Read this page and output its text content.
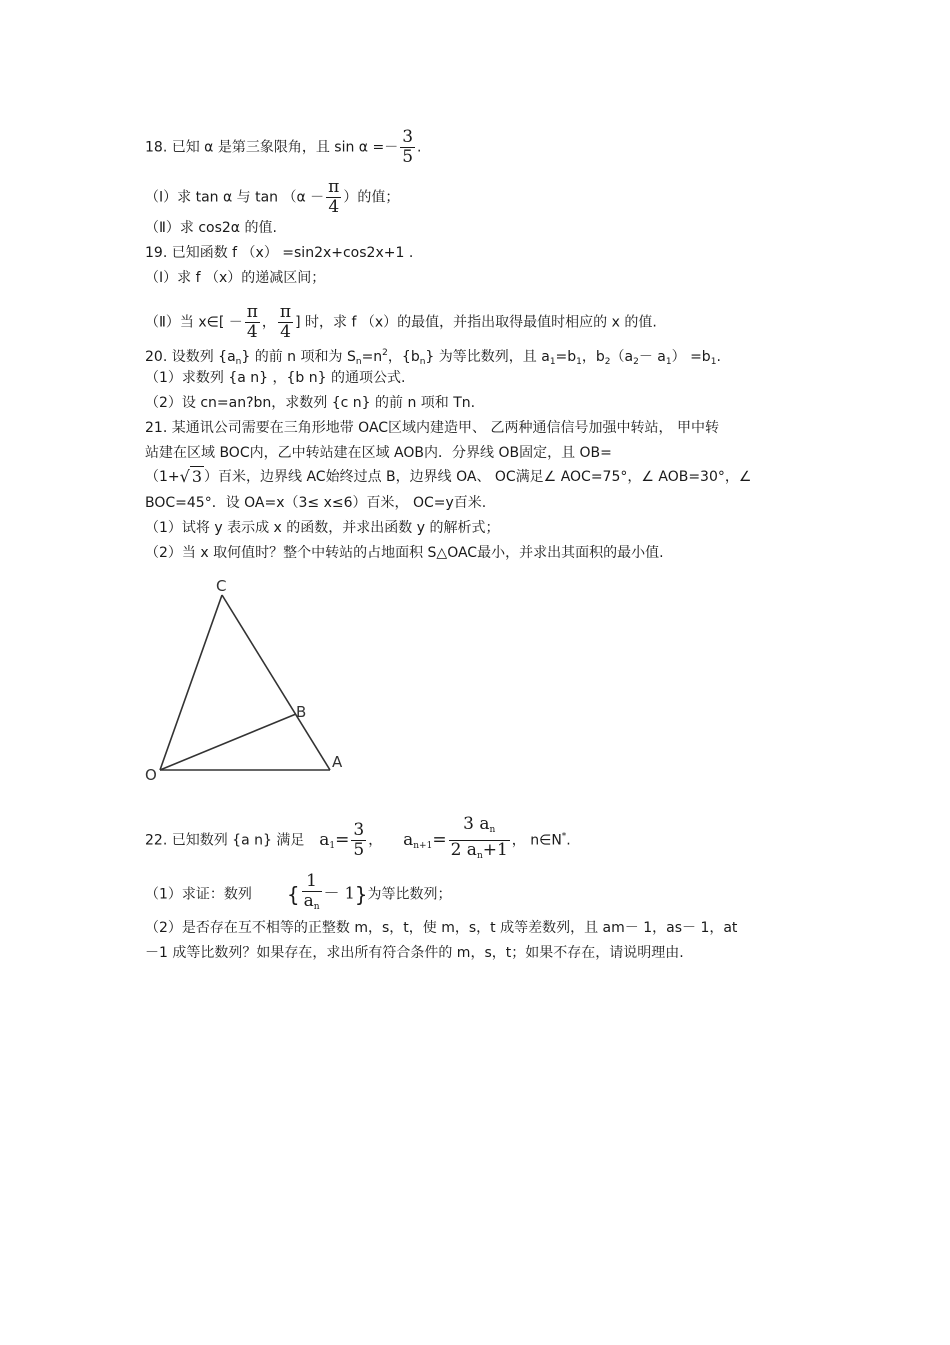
18. 已知 α 是第三象限角，且 $\sin \alpha =- \frac{3}{5}$ .
（Ⅰ）求 tan α 与 $\tan (\alpha - \frac{\pi}{4}$ ）的值；
（Ⅱ）求 cos2α 的值.
19. 已知函数 f （x） =sin2x+cos2x+1 .
（Ⅰ）求 f （x）的递减区间；
（Ⅱ）当 x∈[ － $\frac{\pi}{4}$ ， $\frac{\pi}{4}$ ] 时，求 f （x）的最值，并指出取得最值时相应的 x 的值.
20. 设数列 $\{a_n\}$ 的前 n 项和为 $S_n=n^2$，$\{b_n\}$ 为等比数列，且 $a_1=b_1$，$b_2(a_2- a_1) =b_1$.
（1）求数列 {a n} ，{b n} 的通项公式.
（2）设 cn=an?bn，求数列 {c n} 的前 n 项和 Tn.
21. 某通讯公司需要在三角形地带 OAC区域内建造甲、 乙两种通信信号加强中转站， 甲中转
站建在区域 BOC内，乙中转站建在区域 AOB内．分界线 OB固定，且 OB=
（1+√ 3 ）百米，边界线 AC始终过点 B，边界线 OA、 OC满足∠ AOC=75°，∠ AOB=30°，∠
BOC=45°．设 OA=x（3≤ x≤6）百米， OC=y百米.
（1）试将 y 表示成 x 的函数，并求出函数 y 的解析式；
（2）当 x 取何值时？整个中转站的占地面积 S△OAC最小，并求出其面积的最小值.
C
B
O
A
22. 已知数列 {a n} 满足 $a_1= \frac{3}{5}$ ， $a_{n+1}= \frac{3 a_n}{2 a_n+1}$ ， n∈N*.
（1）求证：数列 { $\frac{1}{a_n} - 1$}为等比数列；
（2）是否存在互不相等的正整数 m，s，t，使 m，s，t 成等差数列，且 am－ 1，as－ 1，at
－1 成等比数列？如果存在，求出所有符合条件的 m，s，t；如果不存在，请说明理由.
